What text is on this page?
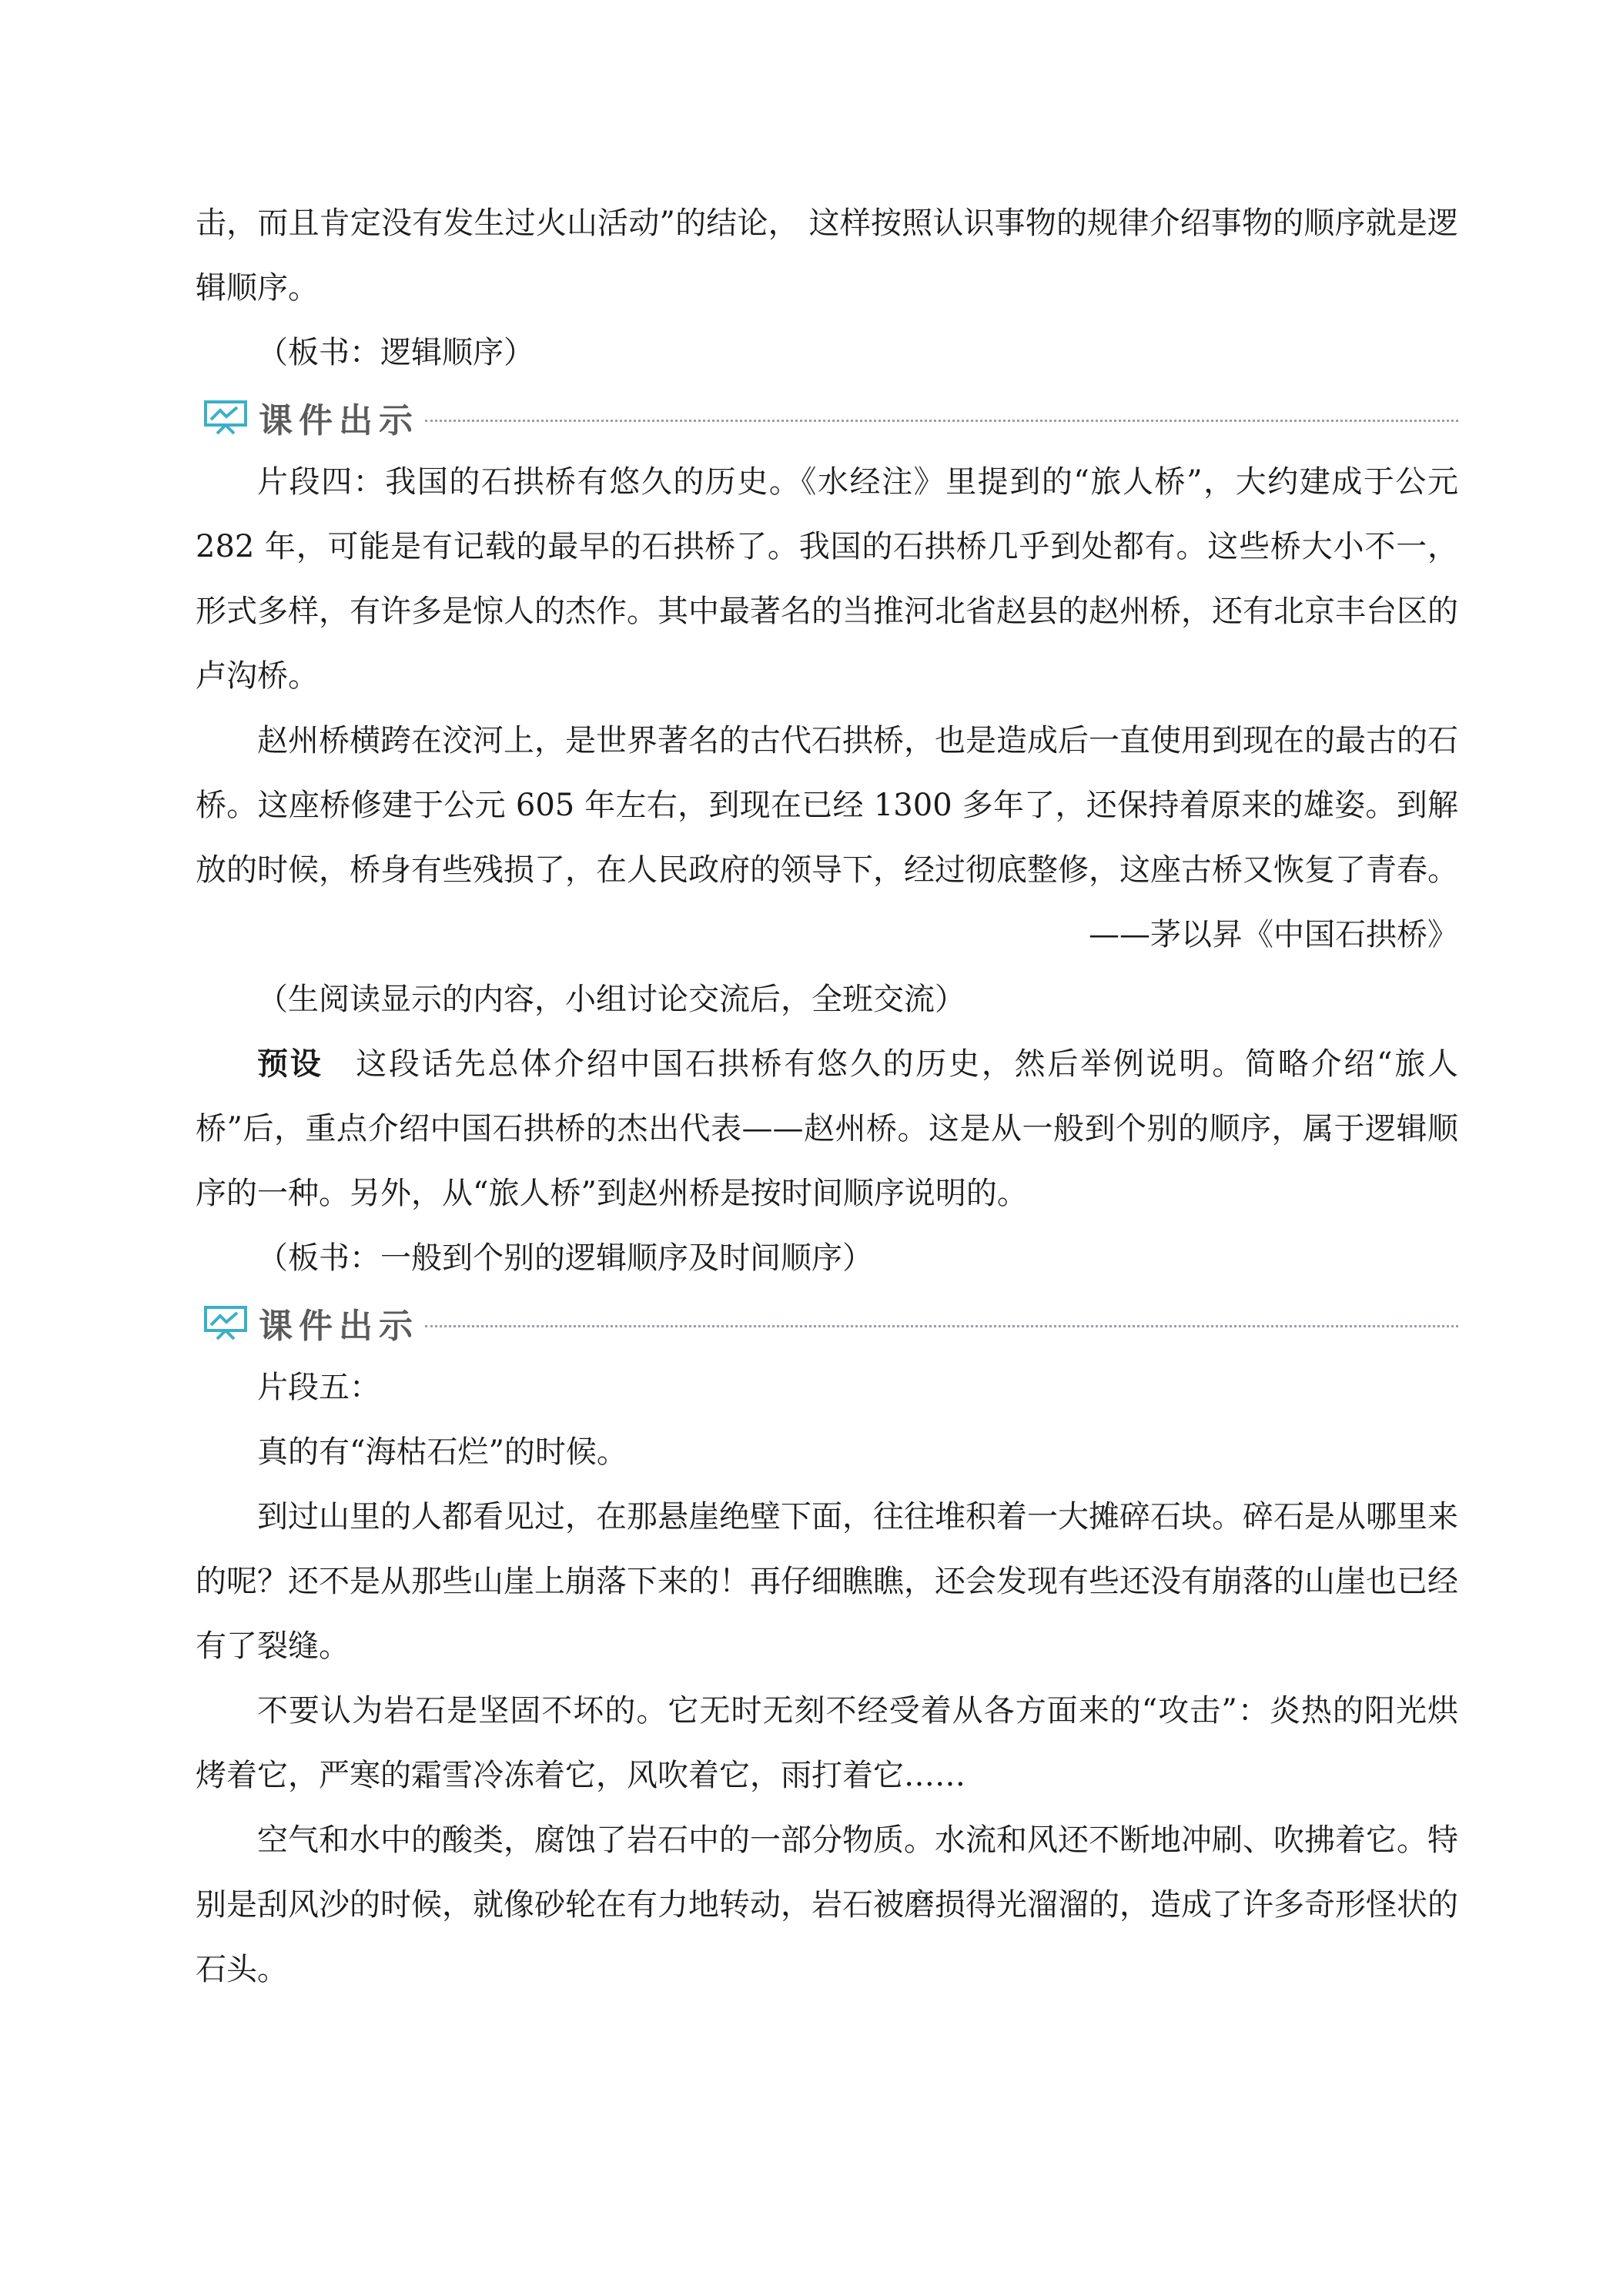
击，而且肯定没有发生过火山活动”的结论， 这样按照认识事物的规律介绍事物的顺序就是逻辑顺序。

（板书：逻辑顺序）

课件出示

片段四：我国的石拱桥有悠久的历史。《水经注》里提到的“旅人桥”，大约建成于公元282 年，可能是有记载的最早的石拱桥了。我国的石拱桥几乎到处都有。这些桥大小不一，形式多样，有许多是惊人的杰作。其中最著名的当推河北省赵县的赵州桥，还有北京丰台区的卢沟桥。

赵州桥横跨在洨河上，是世界著名的古代石拱桥，也是造成后一直使用到现在的最古的石桥。这座桥修建于公元 605 年左右，到现在已经 1300 多年了，还保持着原来的雄姿。到解放的时候，桥身有些残损了，在人民政府的领导下，经过彻底整修，这座古桥又恢复了青春。

——茅以昇《中国石拱桥》

（生阅读显示的内容，小组讨论交流后，全班交流）

预设　 这段话先总体介绍中国石拱桥有悠久的历史，然后举例说明。简略介绍“旅人桥”后，重点介绍中国石拱桥的杰出代表——赵州桥。这是从一般到个别的顺序，属于逻辑顺序的一种。另外，从“旅人桥”到赵州桥是按时间顺序说明的。

（板书：一般到个别的逻辑顺序及时间顺序）

课件出示

片段五：

真的有“海枯石烂”的时候。

到过山里的人都看见过，在那悬崖绝壁下面，往往堆积着一大摊碎石块。碎石是从哪里来的呢？还不是从那些山崖上崩落下来的！再仔细瞧瞧，还会发现有些还没有崩落的山崖也已经有了裂缝。

不要认为岩石是坚固不坏的。它无时无刻不经受着从各方面来的“攻击”：炎热的阳光烘烤着它，严寒的霜雪冷冻着它，风吹着它，雨打着它……

空气和水中的酸类，腐蚀了岩石中的一部分物质。水流和风还不断地冲刷、吹拂着它。特别是刮风沙的时候，就像砂轮在有力地转动，岩石被磨损得光溜溜的，造成了许多奇形怪状的石头。
